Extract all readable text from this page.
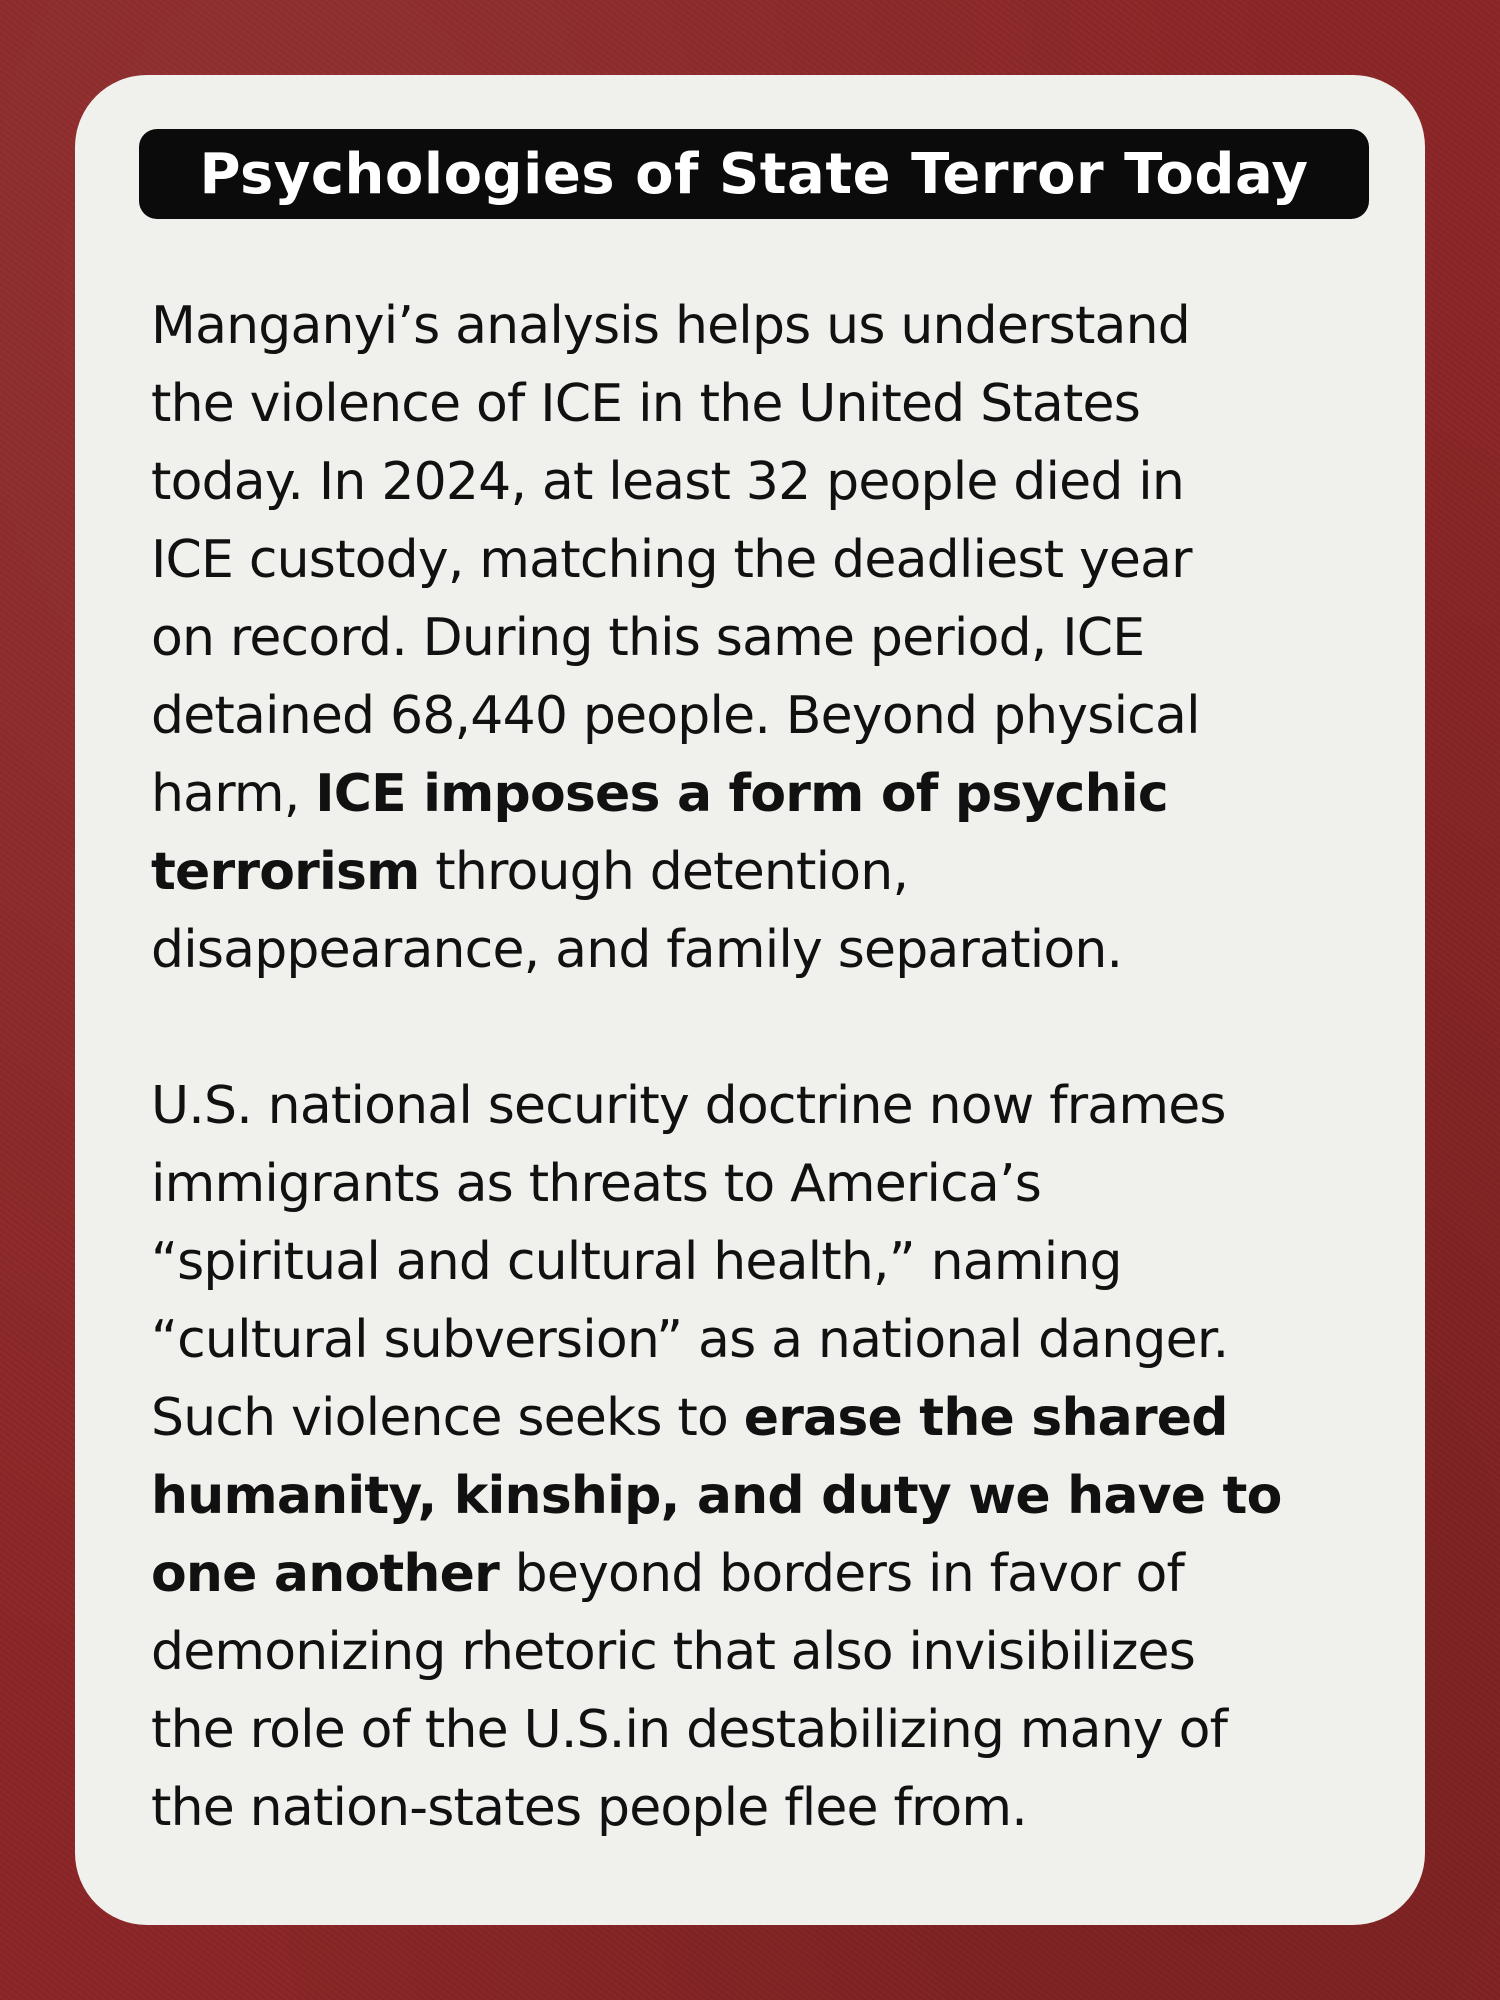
Psychologies of State Terror Today

Manganyi’s analysis helps us understand
the violence of ICE in the United States
today. In 2024, at least 32 people died in
ICE custody, matching the deadliest year
on record. During this same period, ICE
detained 68,440 people. Beyond physical
harm, ICE imposes a form of psychic
terrorism through detention,
disappearance, and family separation.

U.S. national security doctrine now frames
immigrants as threats to America’s
“spiritual and cultural health,” naming
“cultural subversion” as a national danger.
Such violence seeks to erase the shared
humanity, kinship, and duty we have to
one another beyond borders in favor of
demonizing rhetoric that also invisibilizes
the role of the U.S.in destabilizing many of
the nation-states people flee from.
